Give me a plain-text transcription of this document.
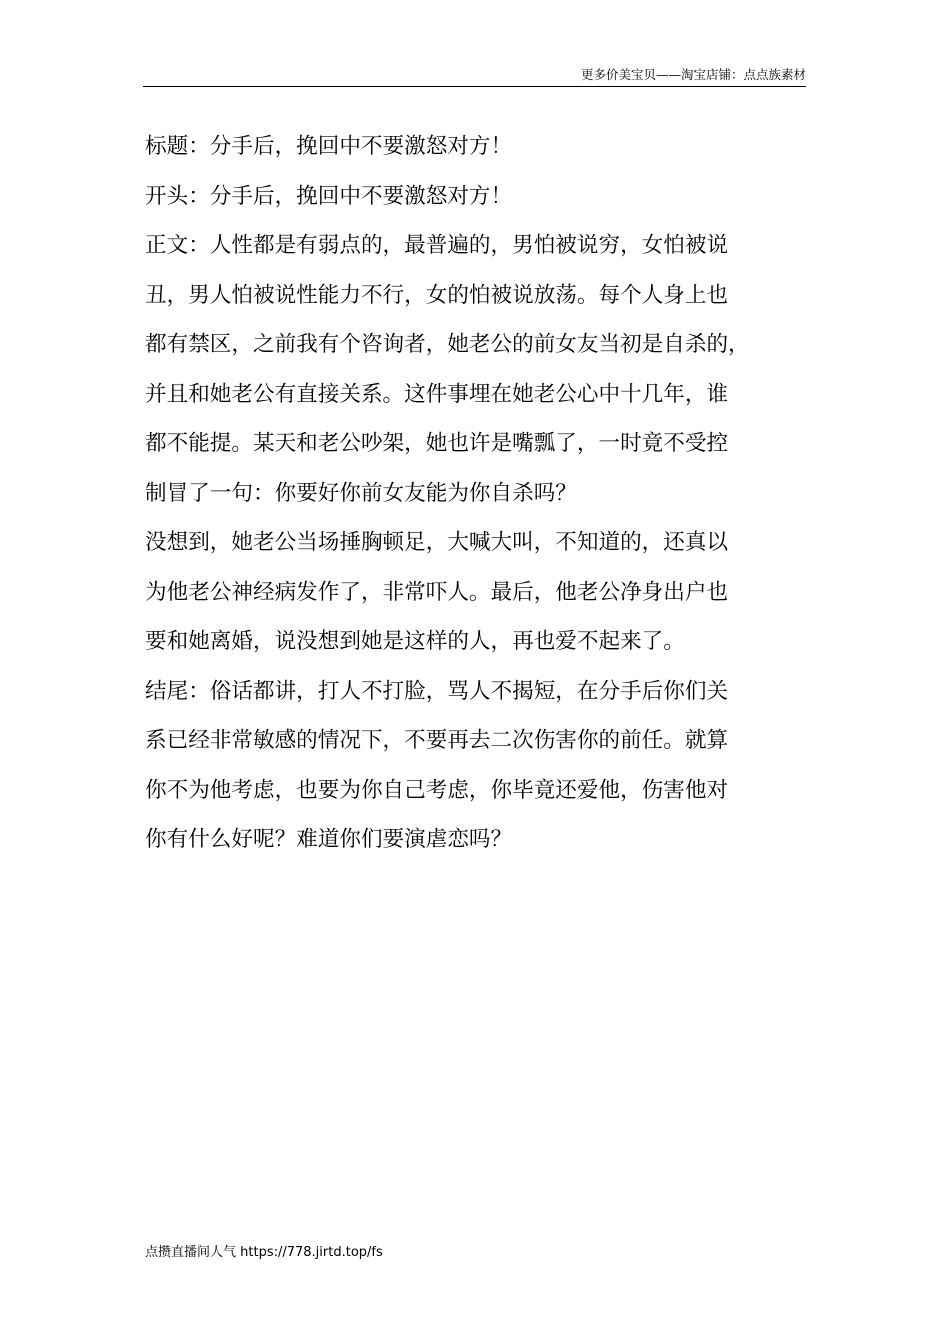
更多价美宝贝——淘宝店铺：点点族素材
标题：分手后，挽回中不要激怒对方！
开头：分手后，挽回中不要激怒对方！
正文：人性都是有弱点的，最普遍的，男怕被说穷，女怕被说
丑，男人怕被说性能力不行，女的怕被说放荡。每个人身上也
都有禁区，之前我有个咨询者，她老公的前女友当初是自杀的，
并且和她老公有直接关系。这件事埋在她老公心中十几年，谁
都不能提。某天和老公吵架，她也许是嘴瓢了，一时竟不受控
制冒了一句：你要好你前女友能为你自杀吗？
没想到，她老公当场捶胸顿足，大喊大叫，不知道的，还真以
为他老公神经病发作了，非常吓人。最后，他老公净身出户也
要和她离婚，说没想到她是这样的人，再也爱不起来了。
结尾：俗话都讲，打人不打脸，骂人不揭短，在分手后你们关
系已经非常敏感的情况下，不要再去二次伤害你的前任。就算
你不为他考虑，也要为你自己考虑，你毕竟还爱他，伤害他对
你有什么好呢？难道你们要演虐恋吗？
点攒直播间人气 https://778.jirtd.top/fs
